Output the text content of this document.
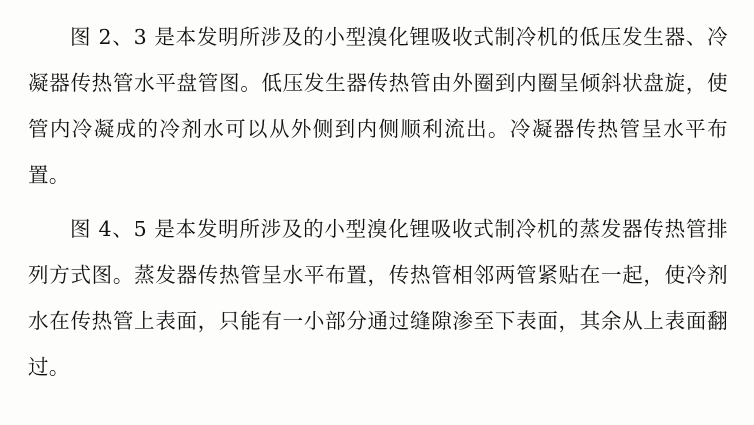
图 2、3 是本发明所涉及的小型溴化锂吸收式制冷机的低压发生器、冷凝器传热管水平盘管图。低压发生器传热管由外圈到内圈呈倾斜状盘旋，使管内冷凝成的冷剂水可以从外侧到内侧顺利流出。冷凝器传热管呈水平布置。

图 4、5 是本发明所涉及的小型溴化锂吸收式制冷机的蒸发器传热管排列方式图。蒸发器传热管呈水平布置，传热管相邻两管紧贴在一起，使冷剂水在传热管上表面，只能有一小部分通过缝隙渗至下表面，其余从上表面翻过。
